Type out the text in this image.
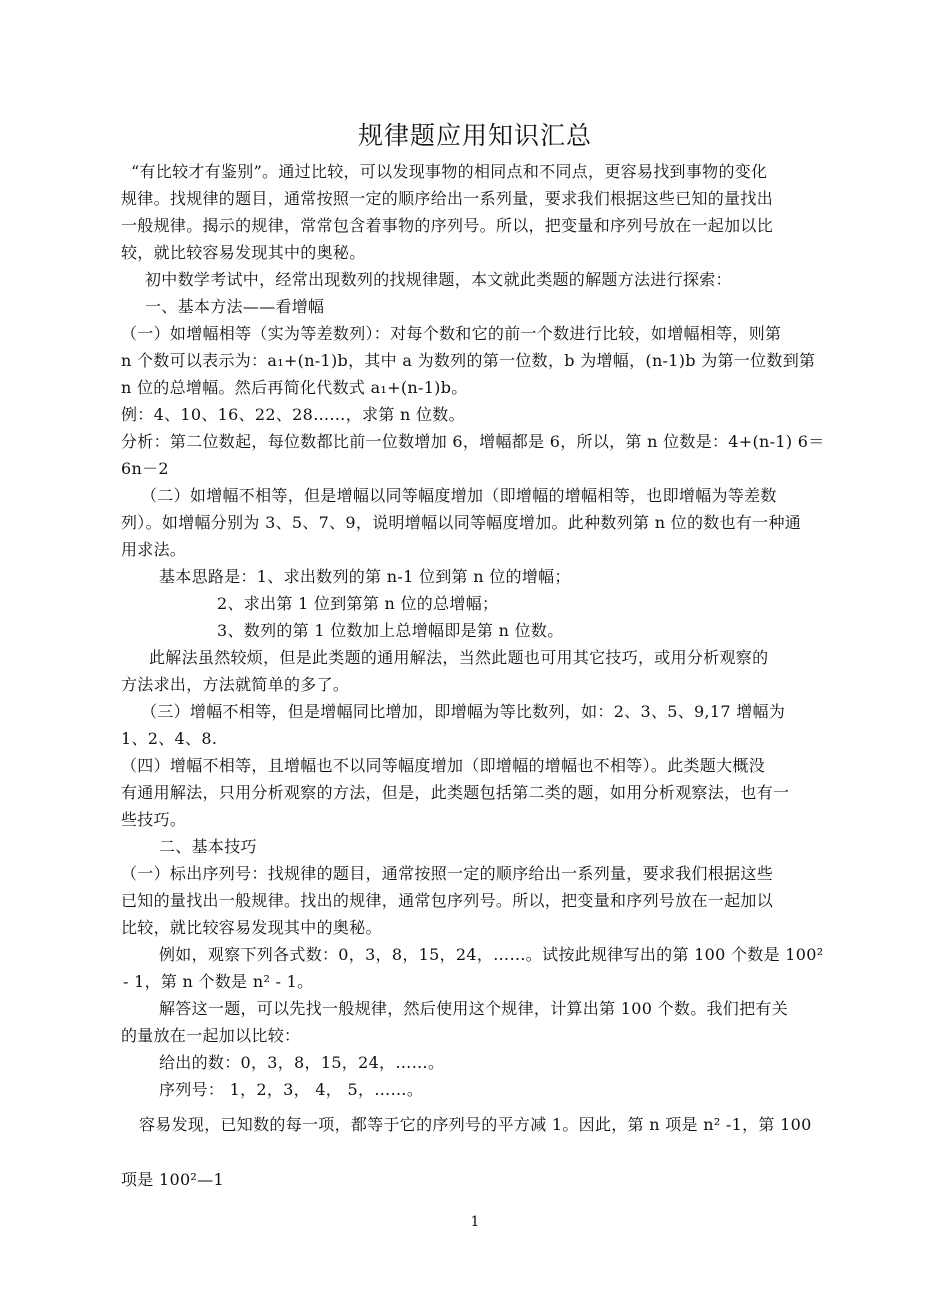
规律题应用知识汇总
“有比较才有鉴别”。通过比较，可以发现事物的相同点和不同点，更容易找到事物的变化
规律。找规律的题目，通常按照一定的顺序给出一系列量，要求我们根据这些已知的量找出
一般规律。揭示的规律，常常包含着事物的序列号。所以，把变量和序列号放在一起加以比
较，就比较容易发现其中的奥秘。
初中数学考试中，经常出现数列的找规律题，本文就此类题的解题方法进行探索：
一、基本方法——看增幅
（一）如增幅相等（实为等差数列）：对每个数和它的前一个数进行比较，如增幅相等，则第
n 个数可以表示为：a₁+(n-1)b，其中 a 为数列的第一位数，b 为增幅，(n-1)b 为第一位数到第
n 位的总增幅。然后再简化代数式 a₁+(n-1)b。
例：4、10、16、22、28……，求第 n 位数。
分析：第二位数起，每位数都比前一位数增加 6，增幅都是 6，所以，第 n 位数是：4+(n-1) 6＝
6n－2
（二）如增幅不相等，但是增幅以同等幅度增加（即增幅的增幅相等，也即增幅为等差数
列）。如增幅分别为 3、5、7、9，说明增幅以同等幅度增加。此种数列第 n 位的数也有一种通
用求法。
基本思路是：1、求出数列的第 n-1 位到第 n 位的增幅；
2、求出第 1 位到第第 n 位的总增幅；
3、数列的第 1 位数加上总增幅即是第 n 位数。
此解法虽然较烦，但是此类题的通用解法，当然此题也可用其它技巧，或用分析观察的
方法求出，方法就简单的多了。
（三）增幅不相等，但是增幅同比增加，即增幅为等比数列，如：2、3、5、9,17 增幅为
1、2、4、8.
（四）增幅不相等，且增幅也不以同等幅度增加（即增幅的增幅也不相等）。此类题大概没
有通用解法，只用分析观察的方法，但是，此类题包括第二类的题，如用分析观察法，也有一
些技巧。
二、基本技巧
（一）标出序列号：找规律的题目，通常按照一定的顺序给出一系列量，要求我们根据这些
已知的量找出一般规律。找出的规律，通常包序列号。所以，把变量和序列号放在一起加以
比较，就比较容易发现其中的奥秘。
例如，观察下列各式数：0，3，8，15，24，……。试按此规律写出的第 100 个数是 100²
- 1，第 n 个数是 n² - 1。
解答这一题，可以先找一般规律，然后使用这个规律，计算出第 100 个数。我们把有关
的量放在一起加以比较：
给出的数：0，3，8，15，24，……。
序列号： 1，2，3， 4， 5，……。
容易发现，已知数的每一项，都等于它的序列号的平方减 1。因此，第 n 项是 n² -1，第 100
项是 100²—1
1
